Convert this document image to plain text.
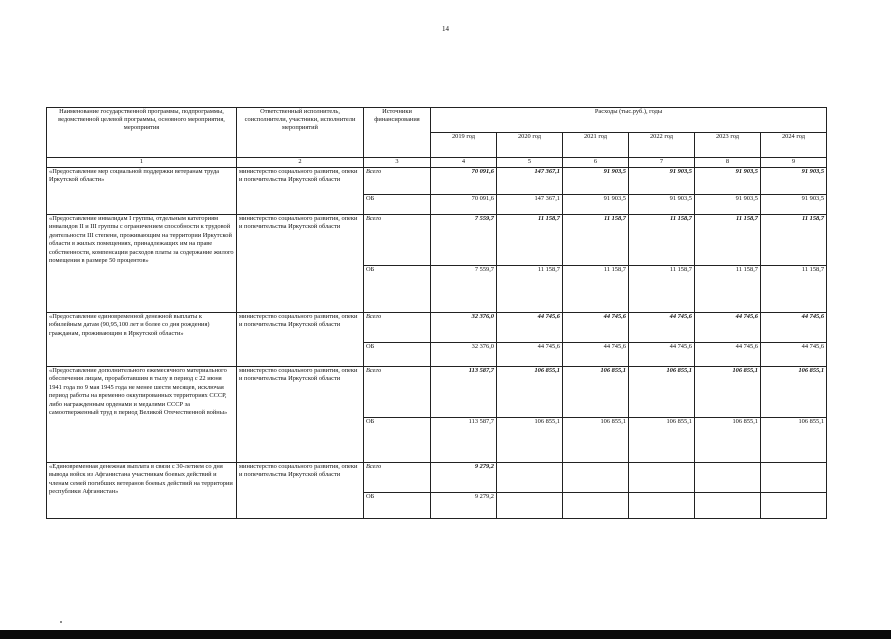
14
Наименование государственной программы, подпрограммы, ведомственной целевой программы, основного мероприятия, мероприятия	Ответственный исполнитель, соисполнители, участники, исполнители мероприятий	Источники финансирования	Расходы (тыс.руб.), годы					
			2019 год	2020 год	2021 год	2022 год	2023 год	2024 год
1	2	3	4	5	6	7	8	9
«Предоставление мер социальной поддержки ветеранам труда Иркутской области»	министерство социального развития, опеки и попечительства Иркутской области	Всего	70 091,6	147 367,1	91 903,5	91 903,5	91 903,5	91 903,5
		ОБ	70 091,6	147 367,1	91 903,5	91 903,5	91 903,5	91 903,5
«Предоставление инвалидам I группы, отдельным категориям инвалидов II и III группы с ограничением способности к трудовой деятельности III степени, проживающим на территории Иркутской области в жилых помещениях, принадлежащих им на праве собственности, компенсации расходов платы за содержание жилого помещения в размере 50 процентов»	министерство социального развития, опеки и попечительства Иркутской области	Всего	7 559,7	11 158,7	11 158,7	11 158,7	11 158,7	11 158,7
		ОБ	7 559,7	11 158,7	11 158,7	11 158,7	11 158,7	11 158,7
«Предоставление единовременной денежной выплаты к юбилейным датам (90,95,100 лет и более со дня рождения) гражданам, проживающим в Иркутской области»	министерство социального развития, опеки и попечительства Иркутской области	Всего	32 376,0	44 745,6	44 745,6	44 745,6	44 745,6	44 745,6
		ОБ	32 376,0	44 745,6	44 745,6	44 745,6	44 745,6	44 745,6
«Предоставление дополнительного ежемесячного материального обеспечения лицам, проработавшим в тылу в период с 22 июня 1941 года по 9 мая 1945 года не менее шести месяцев, исключая период работы на временно оккупированных территориях СССР, либо награжденным орденами и медалями СССР за самоотверженный труд в период Великой Отечественной войны»	министерство социального развития, опеки и попечительства Иркутской области	Всего	113 587,7	106 855,1	106 855,1	106 855,1	106 855,1	106 855,1
		ОБ	113 587,7	106 855,1	106 855,1	106 855,1	106 855,1	106 855,1
«Единовременная денежная выплата в связи с 30-летием со дня вывода войск из Афганистана участникам боевых действий и членам семей погибших ветеранов боевых действий на территории республики Афганистан»	министерство социального развития, опеки и попечительства Иркутской области	Всего	9 279,2					
		ОБ	9 279,2					
